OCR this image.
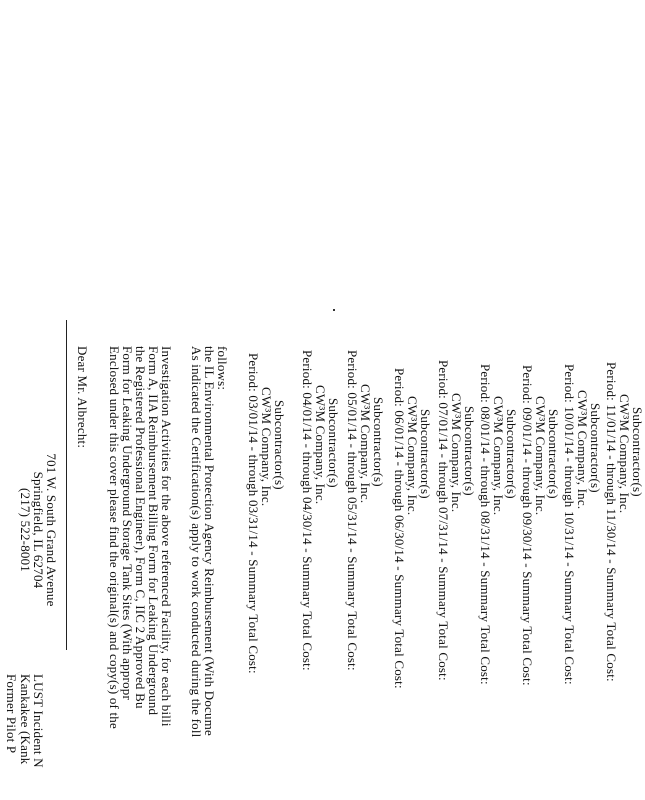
Former Pilot P Kankakee (Kank
LUST Incident N
Dear Mr. Albrecht: Enclosed under this cover please find the original(s) and copy(s) of the
Form for Leaking Underground Storage Tank Sites (With appropr
the Registered Professional Engineer), Form C, IIC 2 Approved Bu
Form A, IIA Reimbursement Billing Form for Leaking Underground
Investigation Activities for the above referenced Facility, for each billi As indicated the Certification(s) apply to work conducted during the foll
the IL Environmental Protection Agency Reimbursement (With Docume
follows: Period: 03/01/14 - through 03/31/14 - Summary Total Cost:
CW³M Company, Inc.
Subcontractor(s) Period: 04/01/14 - through 04/30/14 - Summary Total Cost:
CW³M Company, Inc.
Subcontractor(s) Period: 05/01/14 - through 05/31/14 - Summary Total Cost:
CW³M Company, Inc.
Subcontractor(s) Period: 06/01/14 - through 06/30/14 - Summary Total Cost:
CW³M Company, Inc.
Subcontractor(s) Period: 07/01/14 - through 07/31/14 - Summary Total Cost:
CW³M Company, Inc.
Subcontractor(s) Period: 08/01/14 - through 08/31/14 - Summary Total Cost:
CW³M Company, Inc.
Subcontractor(s) Period: 09/01/14 - through 09/30/14 - Summary Total Cost:
CW³M Company, Inc.
Subcontractor(s) Period: 10/01/14 - through 10/31/14 - Summary Total Cost:
CW³M Company, Inc.
Subcontractor(s) Period: 11/01/14 - through 11/30/14 - Summary Total Cost:
CW³M Company, Inc.
Subcontractor(s)
701 W. South Grand Avenue
Springfield, IL 62704
(217) 522-8001
